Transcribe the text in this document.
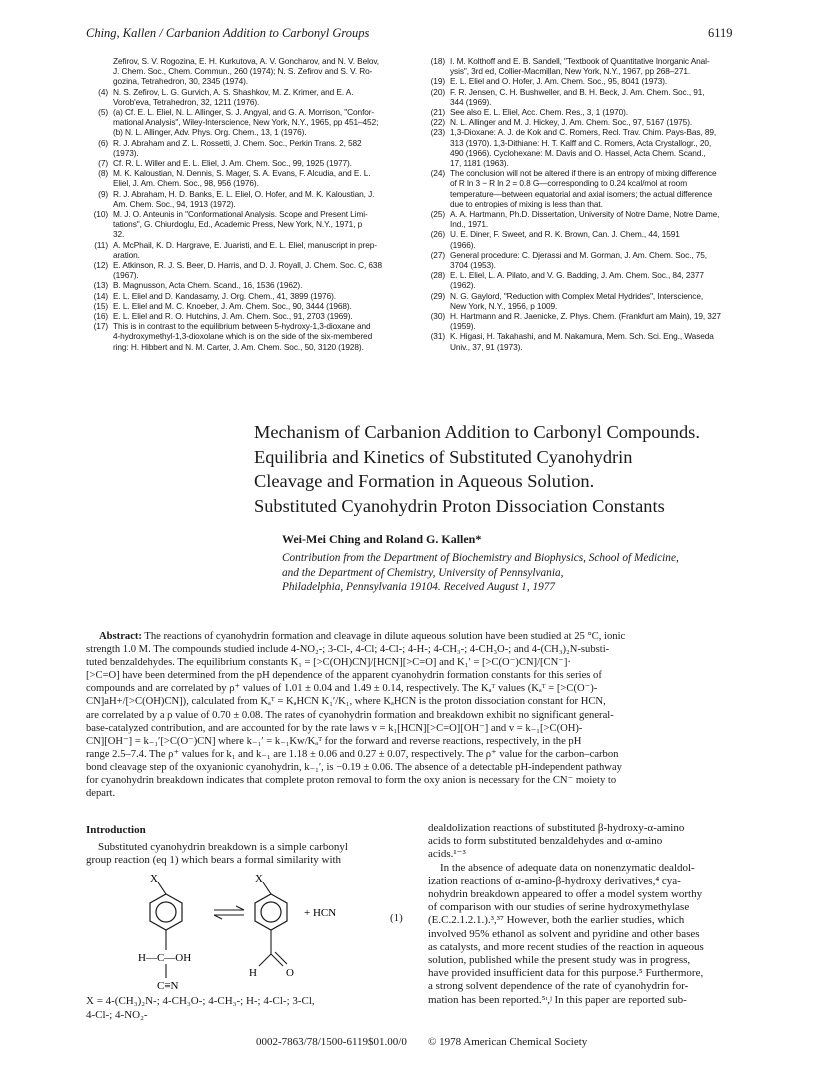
Ching, Kallen / Carbanion Addition to Carbonyl Groups	6119
Zefirov, S. V. Rogozina, E. H. Kurkutova, A. V. Goncharov, and N. V. Belov,
J. Chem. Soc., Chem. Commun., 260 (1974); N. S. Zefirov and S. V. Ro-
gozina, Tetrahedron, 30, 2345 (1974).
(4) N. S. Zefirov, L. G. Gurvich, A. S. Shashkov, M. Z. Krimer, and E. A.
Vorob'eva, Tetrahedron, 32, 1211 (1976).
(5) (a) Cf. E. L. Eliel, N. L. Allinger, S. J. Angyal, and G. A. Morrison, "Confor-
mational Analysis", Wiley-Interscience, New York, N.Y., 1965, pp 451–452;
(b) N. L. Allinger, Adv. Phys. Org. Chem., 13, 1 (1976).
(6) R. J. Abraham and Z. L. Rossetti, J. Chem. Soc., Perkin Trans. 2, 582
(1973).
(7) Cf. R. L. Willer and E. L. Eliel, J. Am. Chem. Soc., 99, 1925 (1977).
(8) M. K. Kaloustian, N. Dennis, S. Mager, S. A. Evans, F. Alcudia, and E. L.
Eliel, J. Am. Chem. Soc., 98, 956 (1976).
(9) R. J. Abraham, H. D. Banks, E. L. Eliel, O. Hofer, and M. K. Kaloustian, J.
Am. Chem. Soc., 94, 1913 (1972).
(10) M. J. O. Anteunis in "Conformational Analysis. Scope and Present Limi-
tations", G. Chiurdoglu, Ed., Academic Press, New York, N.Y., 1971, p
32.
(11) A. McPhail, K. D. Hargrave, E. Juaristi, and E. L. Eliel, manuscript in prep-
aration.
(12) E. Atkinson, R. J. S. Beer, D. Harris, and D. J. Royall, J. Chem. Soc. C, 638
(1967).
(13) B. Magnusson, Acta Chem. Scand., 16, 1536 (1962).
(14) E. L. Eliel and D. Kandasamy, J. Org. Chem., 41, 3899 (1976).
(15) E. L. Eliel and M. C. Knoeber, J. Am. Chem. Soc., 90, 3444 (1968).
(16) E. L. Eliel and R. O. Hutchins, J. Am. Chem. Soc., 91, 2703 (1969).
(17) This is in contrast to the equilibrium between 5-hydroxy-1,3-dioxane and
4-hydroxymethyl-1,3-dioxolane which is on the side of the six-membered
ring: H. Hibbert and N. M. Carter, J. Am. Chem. Soc., 50, 3120 (1928).
(18) I. M. Kolthoff and E. B. Sandell, "Textbook of Quantitative Inorganic Anal-
ysis", 3rd ed, Collier-Macmillan, New York, N.Y., 1967, pp 268–271.
(19) E. L. Eliel and O. Hofer, J. Am. Chem. Soc., 95, 8041 (1973).
(20) F. R. Jensen, C. H. Bushweller, and B. H. Beck, J. Am. Chem. Soc., 91,
344 (1969).
(21) See also E. L. Eliel, Acc. Chem. Res., 3, 1 (1970).
(22) N. L. Allinger and M. J. Hickey, J. Am. Chem. Soc., 97, 5167 (1975).
(23) 1,3-Dioxane: A. J. de Kok and C. Romers, Recl. Trav. Chim. Pays-Bas, 89,
313 (1970). 1,3-Dithiane: H. T. Kalff and C. Romers, Acta Crystallogr., 20,
490 (1966). Cyclohexane: M. Davis and O. Hassel, Acta Chem. Scand.,
17, 1181 (1963).
(24) The conclusion will not be altered if there is an entropy of mixing difference
of R ln 3 − R ln 2 = 0.8 G—corresponding to 0.24 kcal/mol at room
temperature—between equatorial and axial isomers; the actual difference
due to entropies of mixing is less than that.
(25) A. A. Hartmann, Ph.D. Dissertation, University of Notre Dame, Notre Dame,
Ind., 1971.
(26) U. E. Diner, F. Sweet, and R. K. Brown, Can. J. Chem., 44, 1591
(1966).
(27) General procedure: C. Djerassi and M. Gorman, J. Am. Chem. Soc., 75,
3704 (1953).
(28) E. L. Eliel, L. A. Pilato, and V. G. Badding, J. Am. Chem. Soc., 84, 2377
(1962).
(29) N. G. Gaylord, "Reduction with Complex Metal Hydrides", Interscience,
New York, N.Y., 1956, p 1009.
(30) H. Hartmann and R. Jaenicke, Z. Phys. Chem. (Frankfurt am Main), 19, 327
(1959).
(31) K. Higasi, H. Takahashi, and M. Nakamura, Mem. Sch. Sci. Eng., Waseda
Univ., 37, 91 (1973).
Mechanism of Carbanion Addition to Carbonyl Compounds.
Equilibria and Kinetics of Substituted Cyanohydrin
Cleavage and Formation in Aqueous Solution.
Substituted Cyanohydrin Proton Dissociation Constants
Wei-Mei Ching and Roland G. Kallen*
Contribution from the Department of Biochemistry and Biophysics, School of Medicine,
and the Department of Chemistry, University of Pennsylvania,
Philadelphia, Pennsylvania 19104. Received August 1, 1977
Abstract: The reactions of cyanohydrin formation and cleavage in dilute aqueous solution have been studied at 25 °C, ionic
strength 1.0 M. The compounds studied include 4-NO₂-; 3-Cl-, 4-Cl; 4-Cl-; 4-H-; 4-CH₃-; 4-CH₃O-; and 4-(CH₃)₂N-substi-
tuted benzaldehydes. The equilibrium constants K₁ = [>C(OH)CN]/[HCN][>C=O] and K₁′ = [>C(O⁻)CN]/[CN⁻]·
[>C=O] have been determined from the pH dependence of the apparent cyanohydrin formation constants for this series of
compounds and are correlated by ρ⁺ values of 1.01 ± 0.04 and 1.49 ± 0.14, respectively. The Kₐᵀ values (Kₐᵀ = [>C(O⁻)-
CN]aH+/[>C(OH)CN]), calculated from Kₐᵀ = KₐHCN K₁′/K₁, where KₐHCN is the proton dissociation constant for HCN,
are correlated by a ρ value of 0.70 ± 0.08. The rates of cyanohydrin formation and breakdown exhibit no significant general-
base-catalyzed contribution, and are accounted for by the rate laws v = k₁[HCN][>C=O][OH⁻] and v = k₋₁[>C(OH)-
CN][OH⁻] = k₋₁′[>C(O⁻)CN] where k₋₁′ = k₋₁Kw/Kₐᵀ for the forward and reverse reactions, respectively, in the pH
range 2.5–7.4. The ρ⁺ values for k₁ and k₋₁ are 1.18 ± 0.06 and 0.27 ± 0.07, respectively. The ρ⁺ value for the carbon–carbon
bond cleavage step of the oxyanionic cyanohydrin, k₋₁′, is −0.19 ± 0.06. The absence of a detectable pH-independent pathway
for cyanohydrin breakdown indicates that complete proton removal to form the oxy anion is necessary for the CN⁻ moiety to
depart.
Introduction
Substituted cyanohydrin breakdown is a simple carbonyl
group reaction (eq 1) which bears a formal similarity with
X
H—C—OH
C≡N
X
H	O
+ HCN	(1)
X = 4-(CH₃)₂N-; 4-CH₃O-; 4-CH₃-; H-; 4-Cl-; 3-Cl,
4-Cl-; 4-NO₂-
dealdolization reactions of substituted β-hydroxy-α-amino
acids to form substituted benzaldehydes and α-amino
acids.¹⁻³
In the absence of adequate data on nonenzymatic dealdol-
ization reactions of α-amino-β-hydroxy derivatives,⁴ cya-
nohydrin breakdown appeared to offer a model system worthy
of comparison with our studies of serine hydroxymethylase
(E.C.2.1.2.1.).³,³⁷ However, both the earlier studies, which
involved 95% ethanol as solvent and pyridine and other bases
as catalysts, and more recent studies of the reaction in aqueous
solution, published while the present study was in progress,
have provided insufficient data for this purpose.⁵ Furthermore,
a strong solvent dependence of the rate of cyanohydrin for-
mation has been reported.⁵ᶦ,ʲ In this paper are reported sub-
0002-7863/78/1500-6119$01.00/0 © 1978 American Chemical Society
